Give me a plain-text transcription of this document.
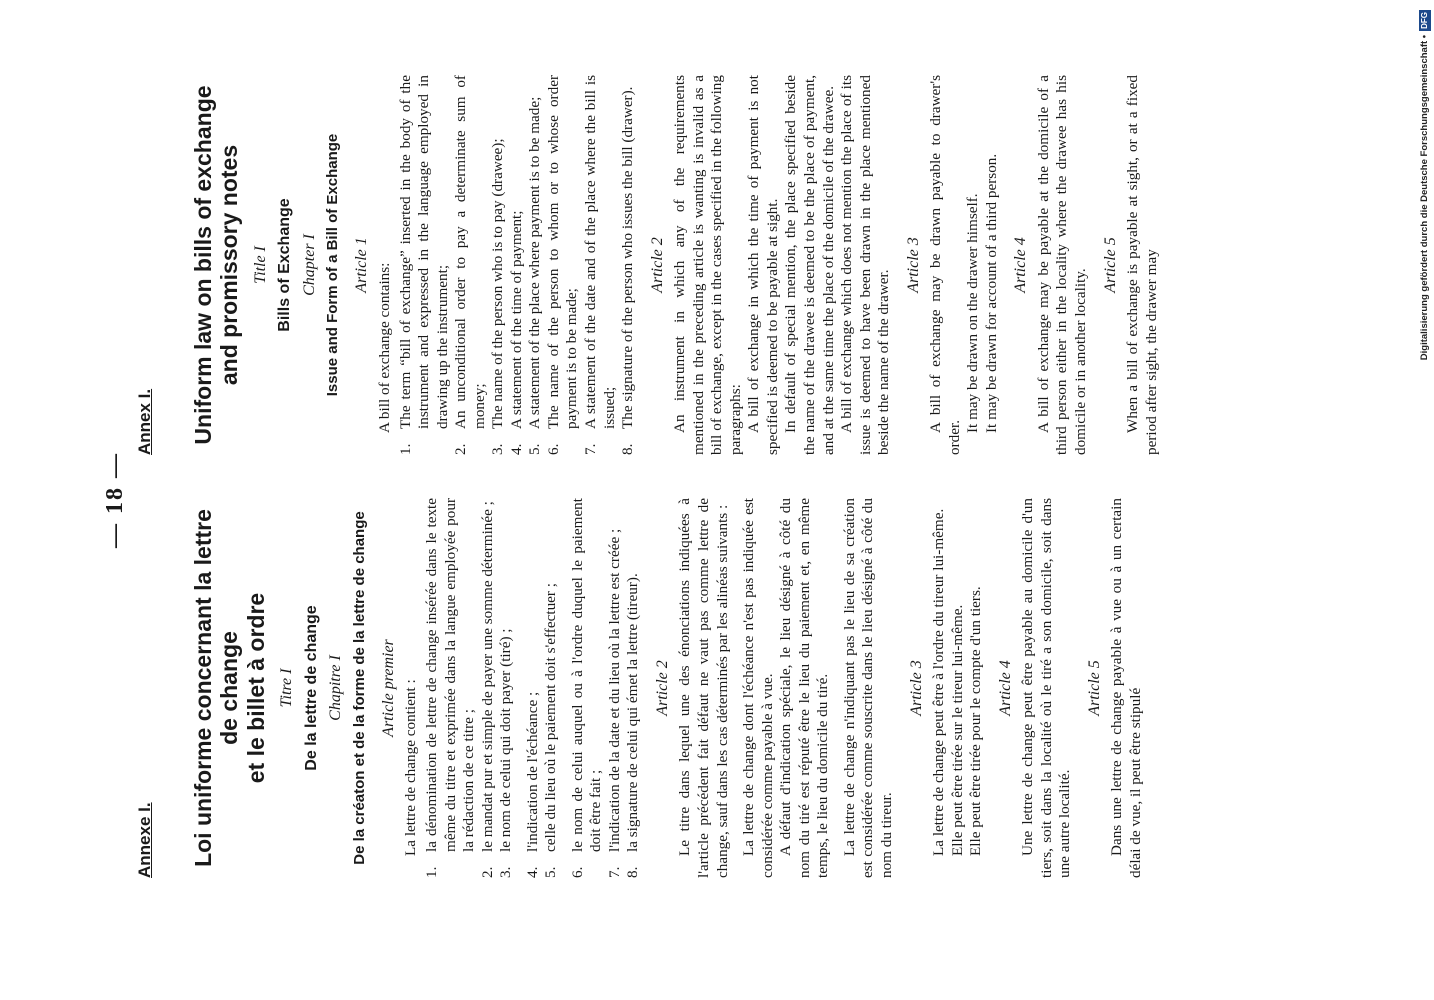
— 18 —
Annexe I. Loi uniforme concernant la lettre de change
et le billet à ordre Titre I De la lettre de change Chapitre I De la créaton et de la forme de la lettre de change Article premier La lettre de change contient :

1.
la dénomination de lettre de change insérée dans le texte même du titre et exprimée dans la langue employée pour la rédaction de ce titre ;
2.
le mandat pur et simple de payer une somme déterminée ;
3.
le nom de celui qui doit payer (tiré) ;
4.
l'indication de l'échéance ;
5.
celle du lieu où le paiement doit s'effectuer ;
6.
le nom de celui auquel ou à l'ordre duquel le paiement doit être fait ;
7.
l'indication de la date et du lieu où la lettre est créée ;
8.
la signature de celui qui émet la lettre (tireur). Article 2 Le titre dans lequel une des énonciations indiquées à l'article précédent fait défaut ne vaut pas comme lettre de change, sauf dans les cas déterminés par les alinéas suivants : La lettre de change dont l'échéance n'est pas indiquée est considérée comme payable à vue. A défaut d'indication spéciale, le lieu désigné à côté du nom du tiré est réputé être le lieu du paiement et, en même temps, le lieu du domicile du tiré. La lettre de change n'indiquant pas le lieu de sa création est considérée comme souscrite dans le lieu désigné à côté du nom du tireur.

Article 3 La lettre de change peut être à l'ordre du tireur lui-même. Elle peut être tirée sur le tireur lui-même. Elle peut être tirée pour le compte d'un tiers. Article 4 Une lettre de change peut être payable au domicile d'un tiers, soit dans la localité où le tiré a son domicile, soit dans une autre localité.

Article 5 Dans une lettre de change payable à vue ou à un certain délai de vue, il peut être stipulé

Annex I. Uniform law on bills of exchange
and promissory notes Title I Bills of Exchange Chapter I Issue and Form of a Bill of Exchange Article 1 A bill of exchange contains:

1.
The term “bill of exchange” inserted in the body of the instrument and expressed in the language employed in drawing up the instrument;
2.
An unconditional order to pay a determinate sum of money;
3.
The name of the person who is to pay (drawee);
4.
A statement of the time of payment;
5.
A statement of the place where payment is to be made;
6.
The name of the person to whom or to whose order payment is to be made;
7.
A statement of the date and of the place where the bill is issued;
8.
The signature of the person who issues the bill (drawer). Article 2 An instrument in which any of the requirements mentioned in the preceding article is wanting is invalid as a bill of exchange, except in the cases specified in the following paragraphs: A bill of exchange in which the time of payment is not specified is deemed to be payable at sight. In default of special mention, the place specified beside the name of the drawee is deemed to be the place of payment, and at the same time the place of the domicile of the drawee. A bill of exchange which does not mention the place of its issue is deemed to have been drawn in the place mentioned beside the name of the drawer.

Article 3 A bill of exchange may be drawn payable to drawer's order.

It may be drawn on the drawer himself. It may be drawn for account of a third person. Article 4 A bill of exchange may be payable at the domicile of a third person either in the locality where the drawee has his domicile or in another locality.

Article 5 When a bill of exchange is payable at sight, or at a fixed period after sight, the drawer may	Digitalisierung gefördert durch die Deutsche Forschungsgemeinschaft •
DFG
